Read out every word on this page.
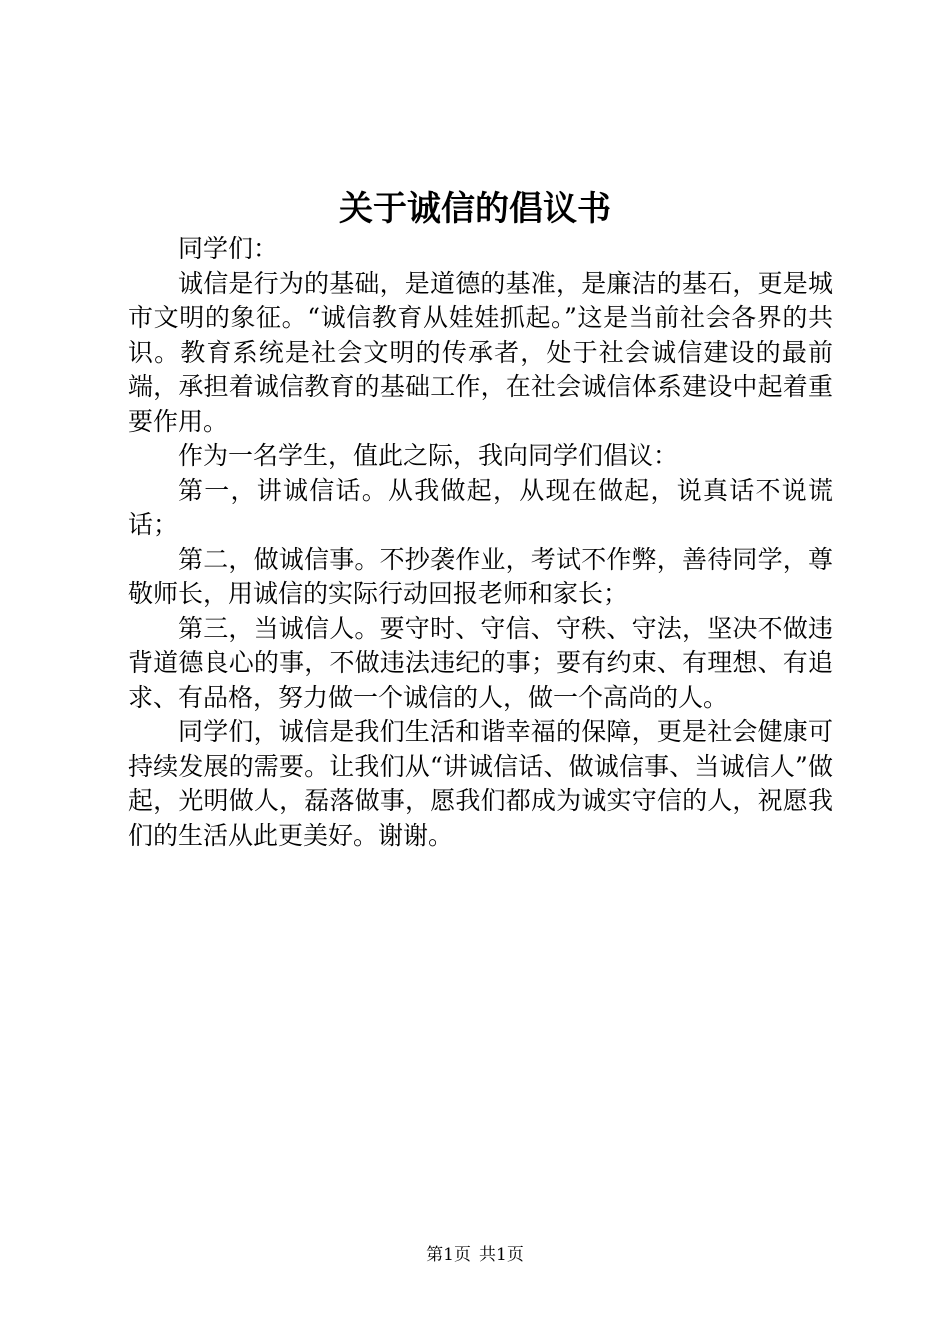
关于诚信的倡议书

同学们：

诚信是行为的基础，是道德的基准，是廉洁的基石，更是城市文明的象征。“诚信教育从娃娃抓起。”这是当前社会各界的共识。教育系统是社会文明的传承者，处于社会诚信建设的最前端，承担着诚信教育的基础工作，在社会诚信体系建设中起着重要作用。

作为一名学生，值此之际，我向同学们倡议：

第一，讲诚信话。从我做起，从现在做起，说真话不说谎话；

第二，做诚信事。不抄袭作业，考试不作弊，善待同学，尊敬师长，用诚信的实际行动回报老师和家长；

第三，当诚信人。要守时、守信、守秩、守法，坚决不做违背道德良心的事，不做违法违纪的事；要有约束、有理想、有追求、有品格，努力做一个诚信的人，做一个高尚的人。

同学们，诚信是我们生活和谐幸福的保障，更是社会健康可持续发展的需要。让我们从“讲诚信话、做诚信事、当诚信人”做起，光明做人，磊落做事，愿我们都成为诚实守信的人，祝愿我们的生活从此更美好。谢谢。

第1页 共1页
